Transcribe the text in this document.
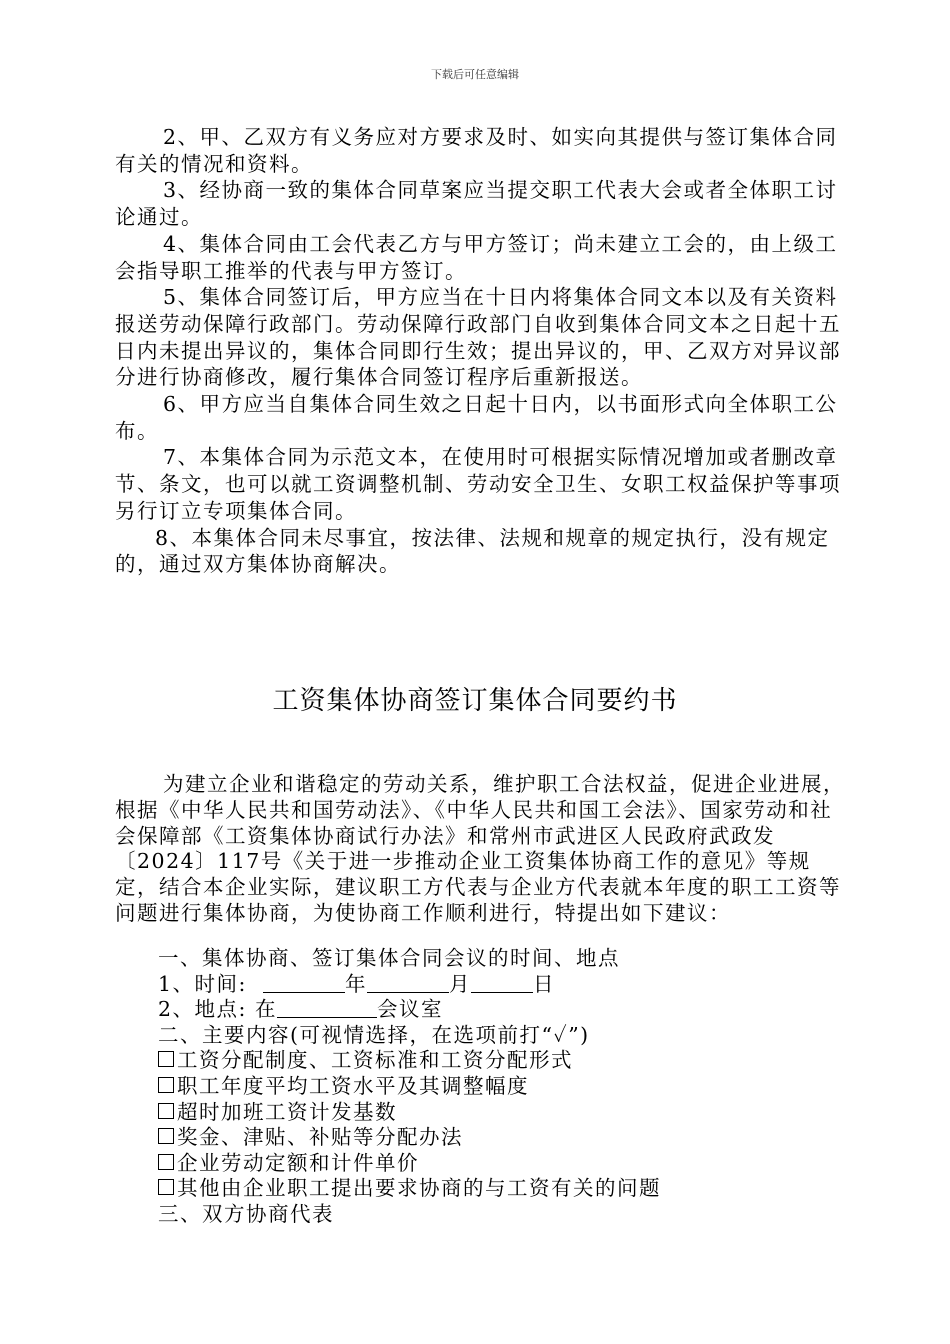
下载后可任意编辑

2、甲、乙双方有义务应对方要求及时、如实向其提供与签订集体合同有关的情况和资料。

3、经协商一致的集体合同草案应当提交职工代表大会或者全体职工讨论通过。

4、集体合同由工会代表乙方与甲方签订；尚未建立工会的，由上级工会指导职工推举的代表与甲方签订。

5、集体合同签订后，甲方应当在十日内将集体合同文本以及有关资料报送劳动保障行政部门。劳动保障行政部门自收到集体合同文本之日起十五日内未提出异议的，集体合同即行生效；提出异议的，甲、乙双方对异议部分进行协商修改，履行集体合同签订程序后重新报送。

6、甲方应当自集体合同生效之日起十日内，以书面形式向全体职工公布。

7、本集体合同为示范文本，在使用时可根据实际情况增加或者删改章节、条文，也可以就工资调整机制、劳动安全卫生、女职工权益保护等事项另行订立专项集体合同。

8、本集体合同未尽事宜，按法律、法规和规章的规定执行，没有规定的，通过双方集体协商解决。

工资集体协商签订集体合同要约书

为建立企业和谐稳定的劳动关系，维护职工合法权益，促进企业进展，根据《中华人民共和国劳动法》、《中华人民共和国工会法》、国家劳动和社会保障部《工资集体协商试行办法》和常州市武进区人民政府武政发〔2024〕117号《关于进一步推动企业工资集体协商工作的意见》等规定，结合本企业实际，建议职工方代表与企业方代表就本年度的职工工资等问题进行集体协商，为使协商工作顺利进行，特提出如下建议：

一、集体协商、签订集体合同会议的时间、地点
1、时间:	年	月	日
2、地点: 在	会议室
二、主要内容(可视情选择，在选项前打“✓”)
工资分配制度、工资标准和工资分配形式
职工年度平均工资水平及其调整幅度
超时加班工资计发基数
奖金、津贴、补贴等分配办法
企业劳动定额和计件单价
其他由企业职工提出要求协商的与工资有关的问题
三、双方协商代表
